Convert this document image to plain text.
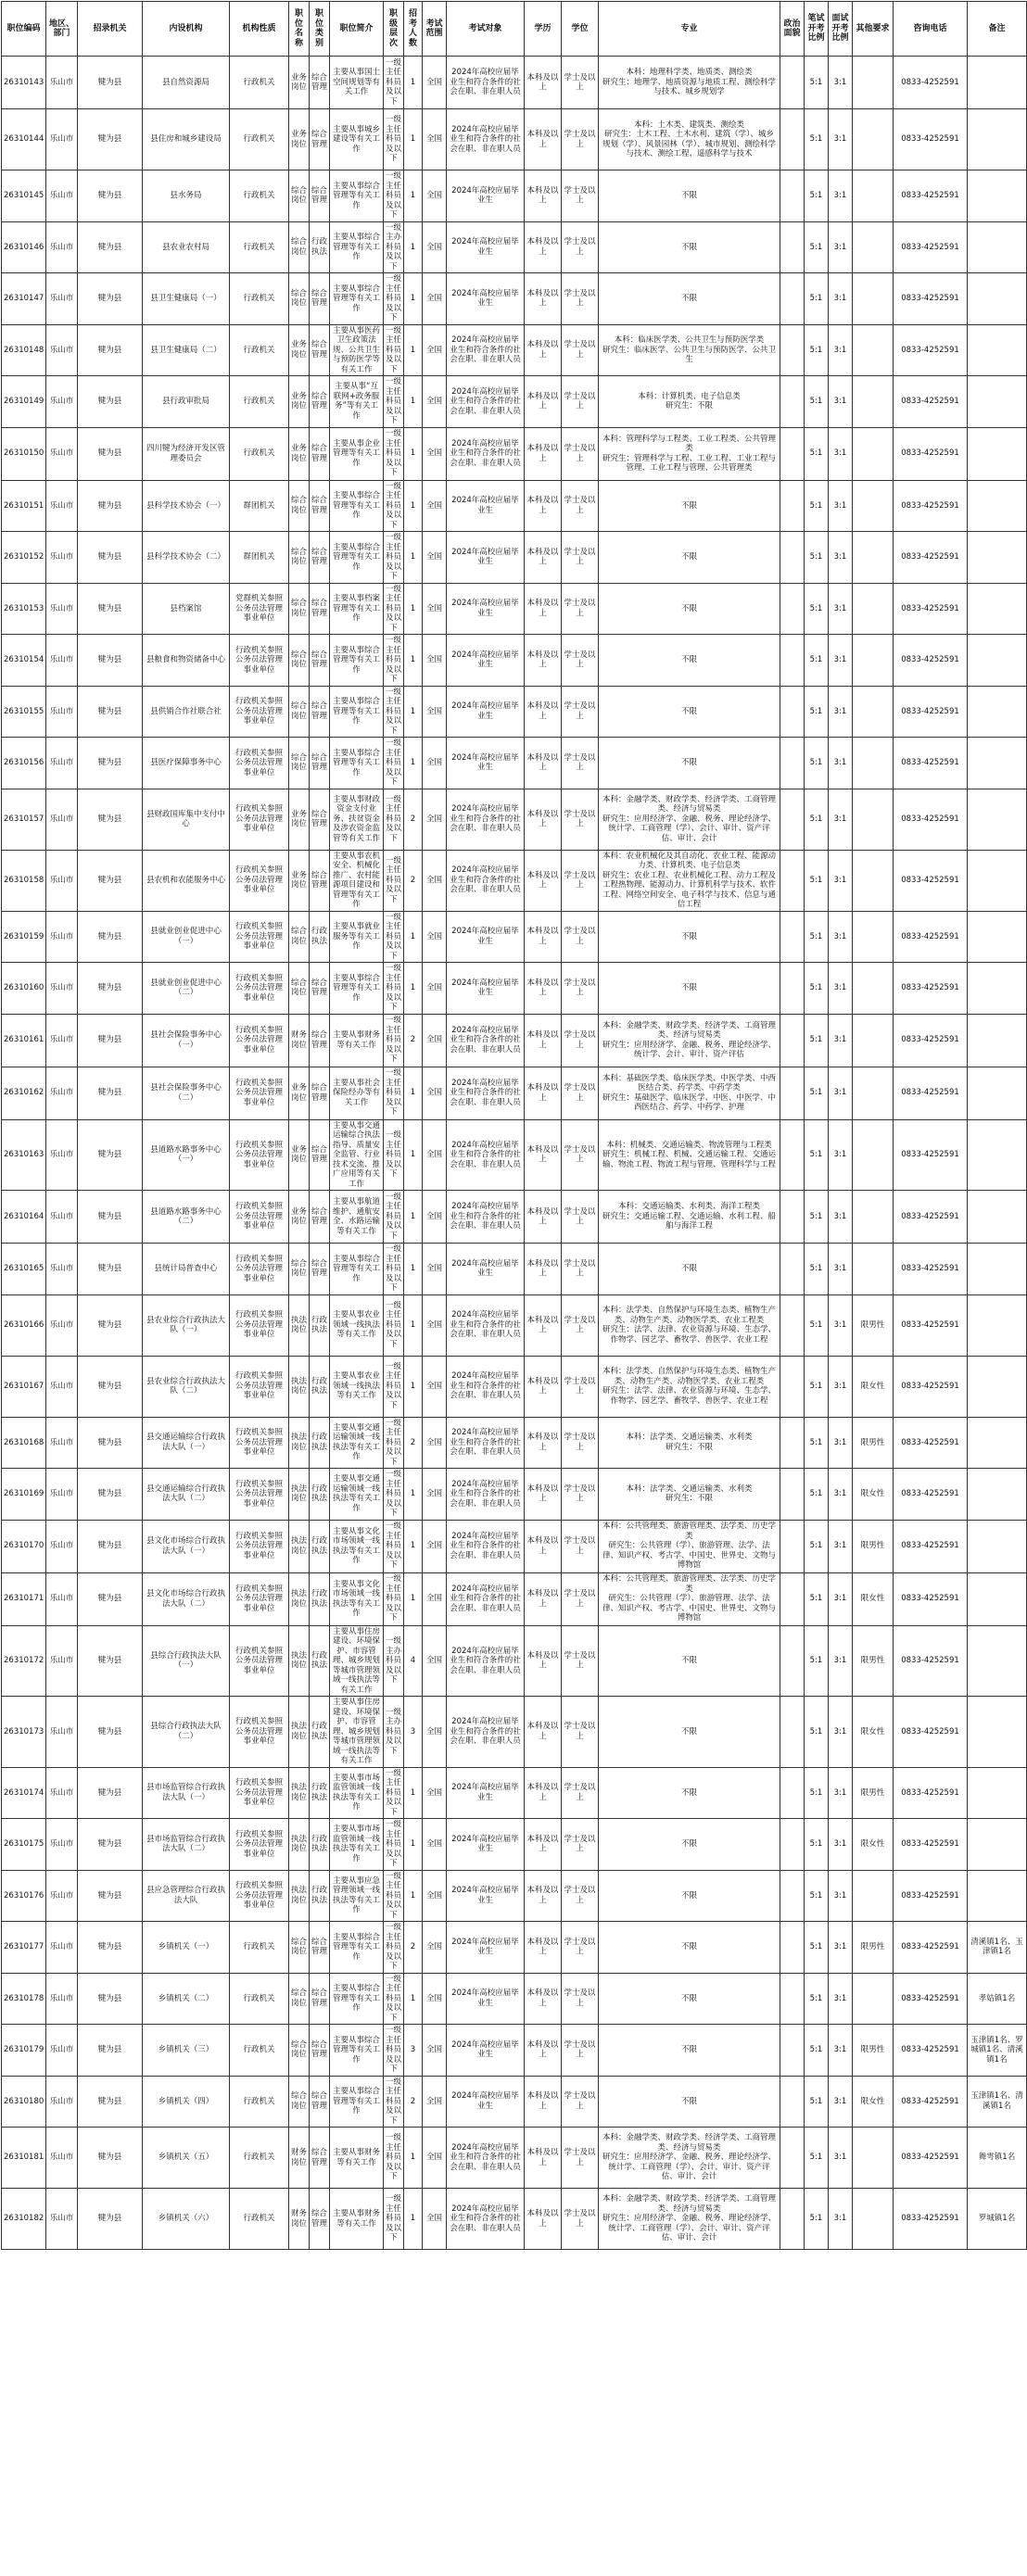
职位编码	地区、部门	招录机关	内设机构	机构性质	职位名称	职位类别	职位简介	职级层次	招考人数	考试范围	考试对象	学历	学位	专业	政治面貌	笔试开考比例	面试开考比例	其他要求	咨询电话	备注
26310143	乐山市	犍为县	县自然资源局	行政机关	业务岗位	综合管理	主要从事国土空间规划等有关工作	一级主任科员及以下	1	全国	2024年高校应届毕业生和符合条件的社会在职、非在职人员	本科及以上	学士及以上	本科：地理科学类、地质类、测绘类
研究生：地理学、地质资源与地质工程、测绘科学与技术、城乡规划学		5:1	3:1		0833-4252591	
26310144	乐山市	犍为县	县住房和城乡建设局	行政机关	业务岗位	综合管理	主要从事城乡建设等有关工作	一级主任科员及以下	1	全国	2024年高校应届毕业生和符合条件的社会在职、非在职人员	本科及以上	学士及以上	本科：土木类、建筑类、测绘类
研究生：土木工程、土木水利、建筑（学）、城乡规划（学）、风景园林（学）、城市规划、测绘科学与技术、测绘工程、遥感科学与技术		5:1	3:1		0833-4252591	
26310145	乐山市	犍为县	县水务局	行政机关	综合岗位	综合管理	主要从事综合管理等有关工作	一级主任科员及以下	1	全国	2024年高校应届毕业生	本科及以上	学士及以上	不限		5:1	3:1		0833-4252591	
26310146	乐山市	犍为县	县农业农村局	行政机关	综合岗位	行政执法	主要从事综合管理等有关工作	一级主办科员及以下	1	全国	2024年高校应届毕业生	本科及以上	学士及以上	不限		5:1	3:1		0833-4252591	
26310147	乐山市	犍为县	县卫生健康局（一）	行政机关	综合岗位	综合管理	主要从事综合管理等有关工作	一级主任科员及以下	1	全国	2024年高校应届毕业生	本科及以上	学士及以上	不限		5:1	3:1		0833-4252591	
26310148	乐山市	犍为县	县卫生健康局（二）	行政机关	业务岗位	综合管理	主要从事医药卫生政策法规、公共卫生与预防医学等有关工作	一级主任科员及以下	1	全国	2024年高校应届毕业生和符合条件的社会在职、非在职人员	本科及以上	学士及以上	本科：临床医学类、公共卫生与预防医学类
研究生：临床医学、公共卫生与预防医学、公共卫生		5:1	3:1		0833-4252591	
26310149	乐山市	犍为县	县行政审批局	行政机关	业务岗位	综合管理	主要从事“互联网+政务服务”等有关工作	一级主任科员及以下	1	全国	2024年高校应届毕业生和符合条件的社会在职、非在职人员	本科及以上	学士及以上	本科：计算机类、电子信息类
研究生：不限		5:1	3:1		0833-4252591	
26310150	乐山市	犍为县	四川犍为经济开发区管理委员会	行政机关	业务岗位	综合管理	主要从事企业管理等有关工作	一级主任科员及以下	1	全国	2024年高校应届毕业生和符合条件的社会在职、非在职人员	本科及以上	学士及以上	本科：管理科学与工程类、工业工程类、公共管理类
研究生：管理科学与工程、工业工程、工业工程与管理、工业工程与管理、公共管理类		5:1	3:1		0833-4252591	
26310151	乐山市	犍为县	县科学技术协会（一）	群团机关	综合岗位	综合管理	主要从事综合管理等有关工作	一级主任科员及以下	1	全国	2024年高校应届毕业生	本科及以上	学士及以上	不限		5:1	3:1		0833-4252591	
26310152	乐山市	犍为县	县科学技术协会（二）	群团机关	综合岗位	综合管理	主要从事综合管理等有关工作	一级主任科员及以下	1	全国	2024年高校应届毕业生	本科及以上	学士及以上	不限		5:1	3:1		0833-4252591	
26310153	乐山市	犍为县	县档案馆	党群机关参照公务员法管理事业单位	综合岗位	综合管理	主要从事档案管理等有关工作	一级主任科员及以下	1	全国	2024年高校应届毕业生	本科及以上	学士及以上	不限		5:1	3:1		0833-4252591	
26310154	乐山市	犍为县	县粮食和物资储备中心	行政机关参照公务员法管理事业单位	综合岗位	综合管理	主要从事综合管理等有关工作	一级主任科员及以下	1	全国	2024年高校应届毕业生	本科及以上	学士及以上	不限		5:1	3:1		0833-4252591	
26310155	乐山市	犍为县	县供销合作社联合社	行政机关参照公务员法管理事业单位	综合岗位	综合管理	主要从事综合管理等有关工作	一级主任科员及以下	1	全国	2024年高校应届毕业生	本科及以上	学士及以上	不限		5:1	3:1		0833-4252591	
26310156	乐山市	犍为县	县医疗保障事务中心	行政机关参照公务员法管理事业单位	综合岗位	综合管理	主要从事综合管理等有关工作	一级主任科员及以下	1	全国	2024年高校应届毕业生	本科及以上	学士及以上	不限		5:1	3:1		0833-4252591	
26310157	乐山市	犍为县	县财政国库集中支付中心	行政机关参照公务员法管理事业单位	业务岗位	综合管理	主要从事财政资金支付业务、扶贫资金及涉农资金监管等有关工作	一级主任科员及以下	2	全国	2024年高校应届毕业生和符合条件的社会在职、非在职人员	本科及以上	学士及以上	本科：金融学类、财政学类、经济学类、工商管理类、经济与贸易类
研究生：应用经济学、金融、税务、理论经济学、统计学、工商管理（学）、会计、审计、资产评估、审计、会计		5:1	3:1		0833-4252591	
26310158	乐山市	犍为县	县农机和农能服务中心	行政机关参照公务员法管理事业单位	业务岗位	综合管理	主要从事农机安全、机械化推广、农村能源项目建设和管理等有关工作	一级主任科员及以下	2	全国	2024年高校应届毕业生和符合条件的社会在职、非在职人员	本科及以上	学士及以上	本科：农业机械化及其自动化、农业工程、能源动力类、计算机类、电子信息类
研究生：农业工程、农业机械化工程、动力工程及工程热物理、能源动力、计算机科学与技术、软件工程、网络空间安全、电子科学与技术、信息与通信工程		5:1	3:1		0833-4252591	
26310159	乐山市	犍为县	县就业创业促进中心（一）	行政机关参照公务员法管理事业单位	综合岗位	行政执法	主要从事就业服务等有关工作	一级主任科员及以下	1	全国	2024年高校应届毕业生	本科及以上	学士及以上	不限		5:1	3:1		0833-4252591	
26310160	乐山市	犍为县	县就业创业促进中心（二）	行政机关参照公务员法管理事业单位	综合岗位	综合管理	主要从事综合管理等有关工作	一级主任科员及以下	1	全国	2024年高校应届毕业生	本科及以上	学士及以上	不限		5:1	3:1		0833-4252591	
26310161	乐山市	犍为县	县社会保险事务中心（一）	行政机关参照公务员法管理事业单位	财务岗位	综合管理	主要从事财务等有关工作	一级主任科员及以下	2	全国	2024年高校应届毕业生和符合条件的社会在职、非在职人员	本科及以上	学士及以上	本科：金融学类、财政学类、经济学类、工商管理类、经济与贸易类
研究生：应用经济学、金融、税务、理论经济学、统计学、会计、审计、资产评估		5:1	3:1		0833-4252591	
26310162	乐山市	犍为县	县社会保险事务中心（二）	行政机关参照公务员法管理事业单位	业务岗位	综合管理	主要从事社会保险经办等有关工作	一级主任科员及以下	1	全国	2024年高校应届毕业生和符合条件的社会在职、非在职人员	本科及以上	学士及以上	本科：基础医学类、临床医学类、中医学类、中西医结合类、药学类、中药学类
研究生：基础医学、临床医学、中医、中医学、中西医结合、药学、中药学、护理		5:1	3:1		0833-4252591	
26310163	乐山市	犍为县	县道路水路事务中心（一）	行政机关参照公务员法管理事业单位	业务岗位	综合管理	主要从事交通运输综合执法指导、质量安全监管、行业技术交流、推广应用等有关工作	一级主任科员及以下	1	全国	2024年高校应届毕业生和符合条件的社会在职、非在职人员	本科及以上	学士及以上	本科：机械类、交通运输类、物流管理与工程类
研究生：机械工程、机械、交通运输工程、交通运输、物流工程、物流工程与管理、管理科学与工程		5:1	3:1		0833-4252591	
26310164	乐山市	犍为县	县道路水路事务中心（二）	行政机关参照公务员法管理事业单位	业务岗位	综合管理	主要从事航道维护、通航安全、水路运输等有关工作	一级主任科员及以下	1	全国	2024年高校应届毕业生和符合条件的社会在职、非在职人员	本科及以上	学士及以上	本科：交通运输类、水利类、海洋工程类
研究生：交通运输工程、交通运输、水利工程、船舶与海洋工程		5:1	3:1		0833-4252591	
26310165	乐山市	犍为县	县统计局普查中心	行政机关参照公务员法管理事业单位	综合岗位	综合管理	主要从事综合管理等有关工作	一级主任科员及以下	1	全国	2024年高校应届毕业生	本科及以上	学士及以上	不限		5:1	3:1		0833-4252591	
26310166	乐山市	犍为县	县农业综合行政执法大队（一）	行政机关参照公务员法管理事业单位	执法岗位	行政执法	主要从事农业领域一线执法等有关工作	一级主任科员及以下	1	全国	2024年高校应届毕业生和符合条件的社会在职、非在职人员	本科及以上	学士及以上	本科：法学类、自然保护与环境生态类、植物生产类、动物生产类、动物医学类、农业工程类
研究生：法学、法律、农业资源与环境、生态学、作物学、园艺学、畜牧学、兽医学、农业工程		5:1	3:1	限男性	0833-4252591	
26310167	乐山市	犍为县	县农业综合行政执法大队（二）	行政机关参照公务员法管理事业单位	执法岗位	行政执法	主要从事农业领域一线执法等有关工作	一级主任科员及以下	1	全国	2024年高校应届毕业生和符合条件的社会在职、非在职人员	本科及以上	学士及以上	本科：法学类、自然保护与环境生态类、植物生产类、动物生产类、动物医学类、农业工程类
研究生：法学、法律、农业资源与环境、生态学、作物学、园艺学、畜牧学、兽医学、农业工程		5:1	3:1	限女性	0833-4252591	
26310168	乐山市	犍为县	县交通运输综合行政执法大队（一）	行政机关参照公务员法管理事业单位	执法岗位	行政执法	主要从事交通运输领域一线执法等有关工作	一级主任科员及以下	2	全国	2024年高校应届毕业生和符合条件的社会在职、非在职人员	本科及以上	学士及以上	本科：法学类、交通运输类、水利类
研究生：不限		5:1	3:1	限男性	0833-4252591	
26310169	乐山市	犍为县	县交通运输综合行政执法大队（二）	行政机关参照公务员法管理事业单位	执法岗位	行政执法	主要从事交通运输领域一线执法等有关工作	一级主任科员及以下	1	全国	2024年高校应届毕业生和符合条件的社会在职、非在职人员	本科及以上	学士及以上	本科：法学类、交通运输类、水利类
研究生：不限		5:1	3:1	限女性	0833-4252591	
26310170	乐山市	犍为县	县文化市场综合行政执法大队（一）	行政机关参照公务员法管理事业单位	执法岗位	行政执法	主要从事文化市场领域一线执法等有关工作	一级主任科员及以下	1	全国	2024年高校应届毕业生和符合条件的社会在职、非在职人员	本科及以上	学士及以上	本科：公共管理类、旅游管理类、法学类、历史学类
研究生：公共管理（学）、旅游管理、法学、法律、知识产权、考古学、中国史、世界史、文物与博物馆		5:1	3:1	限男性	0833-4252591	
26310171	乐山市	犍为县	县文化市场综合行政执法大队（二）	行政机关参照公务员法管理事业单位	执法岗位	行政执法	主要从事文化市场领域一线执法等有关工作	一级主任科员及以下	1	全国	2024年高校应届毕业生和符合条件的社会在职、非在职人员	本科及以上	学士及以上	本科：公共管理类、旅游管理类、法学类、历史学类
研究生：公共管理（学）、旅游管理、法学、法律、知识产权、考古学、中国史、世界史、文物与博物馆		5:1	3:1	限女性	0833-4252591	
26310172	乐山市	犍为县	县综合行政执法大队（一）	行政机关参照公务员法管理事业单位	执法岗位	行政执法	主要从事住房建设、环境保护、市容管理、城乡规划等城市管理领域一线执法等有关工作	一级主办科员及以下	4	全国	2024年高校应届毕业生和符合条件的社会在职、非在职人员	本科及以上	学士及以上	不限		5:1	3:1	限男性	0833-4252591	
26310173	乐山市	犍为县	县综合行政执法大队（二）	行政机关参照公务员法管理事业单位	执法岗位	行政执法	主要从事住房建设、环境保护、市容管理、城乡规划等城市管理领域一线执法等有关工作	一级主办科员及以下	3	全国	2024年高校应届毕业生和符合条件的社会在职、非在职人员	本科及以上	学士及以上	不限		5:1	3:1	限女性	0833-4252591	
26310174	乐山市	犍为县	县市场监管综合行政执法大队（一）	行政机关参照公务员法管理事业单位	执法岗位	行政执法	主要从事市场监管领域一线执法等有关工作	一级主任科员及以下	1	全国	2024年高校应届毕业生	本科及以上	学士及以上	不限		5:1	3:1	限男性	0833-4252591	
26310175	乐山市	犍为县	县市场监管综合行政执法大队（二）	行政机关参照公务员法管理事业单位	执法岗位	行政执法	主要从事市场监管领域一线执法等有关工作	一级主任科员及以下	1	全国	2024年高校应届毕业生	本科及以上	学士及以上	不限		5:1	3:1	限女性	0833-4252591	
26310176	乐山市	犍为县	县应急管理综合行政执法大队	行政机关参照公务员法管理事业单位	执法岗位	行政执法	主要从事应急管理领域一线执法等有关工作	一级主任科员及以下	1	全国	2024年高校应届毕业生	本科及以上	学士及以上	不限		5:1	3:1		0833-4252591	
26310177	乐山市	犍为县	乡镇机关（一）	行政机关	综合岗位	综合管理	主要从事综合管理等有关工作	一级主任科员及以下	2	全国	2024年高校应届毕业生	本科及以上	学士及以上	不限		5:1	3:1	限男性	0833-4252591	清溪镇1名、玉津镇1名
26310178	乐山市	犍为县	乡镇机关（二）	行政机关	综合岗位	综合管理	主要从事综合管理等有关工作	一级主任科员及以下	1	全国	2024年高校应届毕业生	本科及以上	学士及以上	不限		5:1	3:1		0833-4252591	孝姑镇1名
26310179	乐山市	犍为县	乡镇机关（三）	行政机关	综合岗位	综合管理	主要从事综合管理等有关工作	一级主任科员及以下	3	全国	2024年高校应届毕业生	本科及以上	学士及以上	不限		5:1	3:1	限男性	0833-4252591	玉津镇1名、罗城镇1名、清溪镇1名
26310180	乐山市	犍为县	乡镇机关（四）	行政机关	综合岗位	综合管理	主要从事综合管理等有关工作	一级主任科员及以下	2	全国	2024年高校应届毕业生	本科及以上	学士及以上	不限		5:1	3:1	限女性	0833-4252591	玉津镇1名、清溪镇1名
26310181	乐山市	犍为县	乡镇机关（五）	行政机关	财务岗位	综合管理	主要从事财务等有关工作	一级主任科员及以下	1	全国	2024年高校应届毕业生和符合条件的社会在职、非在职人员	本科及以上	学士及以上	本科：金融学类、财政学类、经济学类、工商管理类、经济与贸易类
研究生：应用经济学、金融、税务、理论经济学、统计学、工商管理（学）、会计、审计、资产评估、审计、会计		5:1	3:1		0833-4252591	舞雩镇1名
26310182	乐山市	犍为县	乡镇机关（六）	行政机关	财务岗位	综合管理	主要从事财务等有关工作	一级主任科员及以下	1	全国	2024年高校应届毕业生和符合条件的社会在职、非在职人员	本科及以上	学士及以上	本科：金融学类、财政学类、经济学类、工商管理类、经济与贸易类
研究生：应用经济学、金融、税务、理论经济学、统计学、工商管理（学）、会计、审计、资产评估、审计、会计		5:1	3:1		0833-4252591	罗城镇1名
